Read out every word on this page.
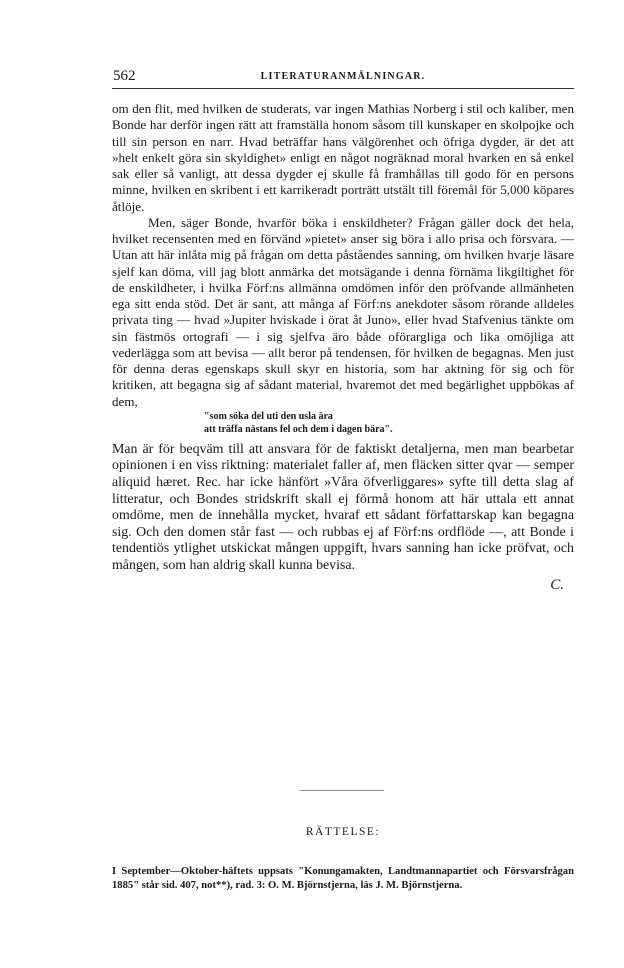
562	LITERATURANMÄLNINGAR.

om den flit, med hvilken de studerats, var ingen Mathias Norberg i stil och kaliber, men Bonde har derför ingen rätt att framställa honom såsom till kunskaper en skolpojke och till sin person en narr. Hvad beträffar hans välgörenhet och öfriga dygder, är det att »helt enkelt göra sin skyldighet» enligt en något nogräknad moral hvarken en så enkel sak eller så vanligt, att dessa dygder ej skulle få framhållas till godo för en persons minne, hvilken en skribent i ett karrikeradt porträtt utstält till föremål för 5,000 köpares åtlöje.

Men, säger Bonde, hvarför böka i enskildheter? Frågan gäller dock det hela, hvilket recensenten med en förvänd »pietet» anser sig böra i allo prisa och försvara. — Utan att här inlåta mig på frågan om detta påståendes sanning, om hvilken hvarje läsare sjelf kan döma, vill jag blott anmärka det motsägande i denna förnäma likgiltighet för de enskildheter, i hvilka Förf:ns allmänna omdömen inför den pröfvande allmänheten ega sitt enda stöd. Det är sant, att många af Förf:ns anekdoter såsom rörande alldeles privata ting — hvad »Jupiter hviskade i örat åt Juno», eller hvad Stafvenius tänkte om sin fästmös ortografi — i sig sjelfva äro både oförargliga och lika omöjliga att vederlägga som att bevisa — allt beror på tendensen, för hvilken de begagnas. Men just för denna deras egenskaps skull skyr en historia, som har aktning för sig och för kritiken, att begagna sig af sådant material, hvaremot det med begärlighet uppbökas af dem,

"som söka del uti den usla ära
att träffa nästans fel och dem i dagen bära".

Man är för beqväm till att ansvara för de faktiskt detaljerna, men man bearbetar opinionen i en viss riktning: materialet faller af, men fläcken sitter qvar — semper aliquid hæret. Rec. har icke hänfört »Våra öfverliggares» syfte till detta slag af litteratur, och Bondes stridskrift skall ej förmå honom att här uttala ett annat omdöme, men de innehålla mycket, hvaraf ett sådant författarskap kan begagna sig. Och den domen står fast — och rubbas ej af Förf:ns ordflöde —, att Bonde i tendentiös ytlighet utskickat mången uppgift, hvars sanning han icke pröfvat, och mången, som han aldrig skall kunna bevisa.

C.
RÄTTELSE:
I September—Oktober-häftets uppsats "Konungamakten, Landtmannapartiet och Försvarsfrågan 1885" står sid. 407, not**), rad. 3: O. M. Björnstjerna, läs J. M. Björnstjerna.
